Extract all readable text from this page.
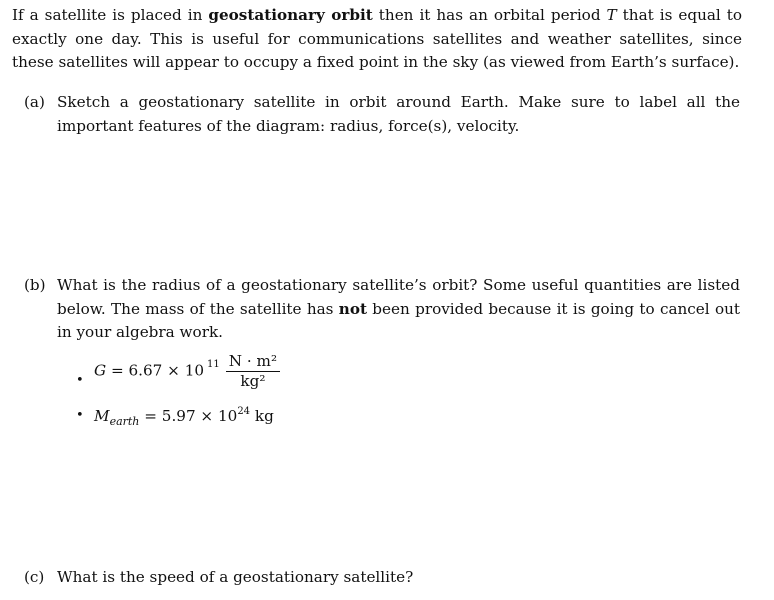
If a satellite is placed in geostationary orbit then it has an orbital period T that is equal to exactly one day. This is useful for communications satellites and weather satellites, since these satellites will appear to occupy a fixed point in the sky (as viewed from Earth’s surface).

(a) Sketch a geostationary satellite in orbit around Earth. Make sure to label all the important features of the diagram: radius, force(s), velocity.
(b) What is the radius of a geostationary satellite’s orbit? Some useful quantities are listed below. The mass of the satellite has not been provided because it is going to cancel out in your algebra work.
•
G = 6.67 × 10 $^{11} \frac{\text{N · m²}}{\text{kg²}}$
• $M_{earth} = 5.97 \times 10^{24}$ kg
(c) What is the speed of a geostationary satellite?
